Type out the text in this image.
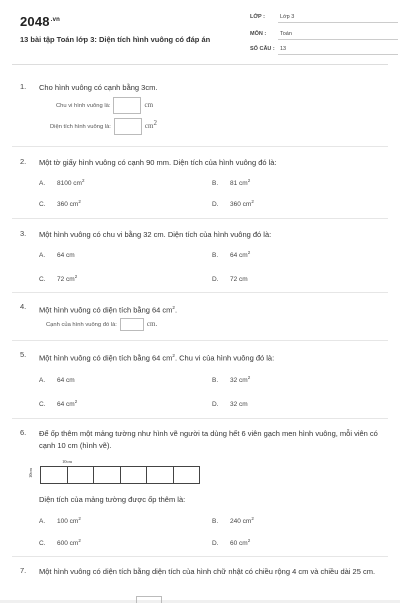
$2048^{.vn}$
13 bài tập Toán lớp 3: Diện tích hình vuông có đáp án
LỚP :	Lớp 3
MÔN :	Toán
SỐ CÂU : 13
1. Cho hình vuông có cạnh bằng 3cm.
Chu vi hình vuông là:	cm
Diện tích hình vuông là:	$cm^2$
2. Một tờ giấy hình vuông có cạnh 90 mm. Diện tích của hình vuông đó là:
A. 8100 $cm^2$	B. 81 $cm^2$
C. 360 $cm^2$	D. 360 $cm^2$
3. Một hình vuông có chu vi bằng 32 cm. Diện tích của hình vuông đó là:
A. 64 cm	B. 64 $cm^2$
C. 72 $cm^2$	D. 72 cm
4. Một hình vuông có diện tích bằng 64 $cm^2$.
Cạnh của hình vuông đó là:	cm.
5. Một hình vuông có diện tích bằng 64 $cm^2$. Chu vi của hình vuông đó là:
A. 64 cm	B. 32 $cm^2$
C. 64 $cm^2$	D. 32 cm
6. Để ốp thêm một mảng tường như hình vẽ người ta dùng hết 6 viên gạch men hình vuông, mỗi viên có cạnh 10 cm (hình vẽ).
10cm
10cm
Diện tích của mảng tường được ốp thêm là:
A. 100 $cm^2$	B. 240 $cm^2$
C. 600 $cm^2$	D. 60 $cm^2$
7. Một hình vuông có diện tích bằng diện tích của hình chữ nhật có chiều rộng 4 cm và chiều dài 25 cm.
